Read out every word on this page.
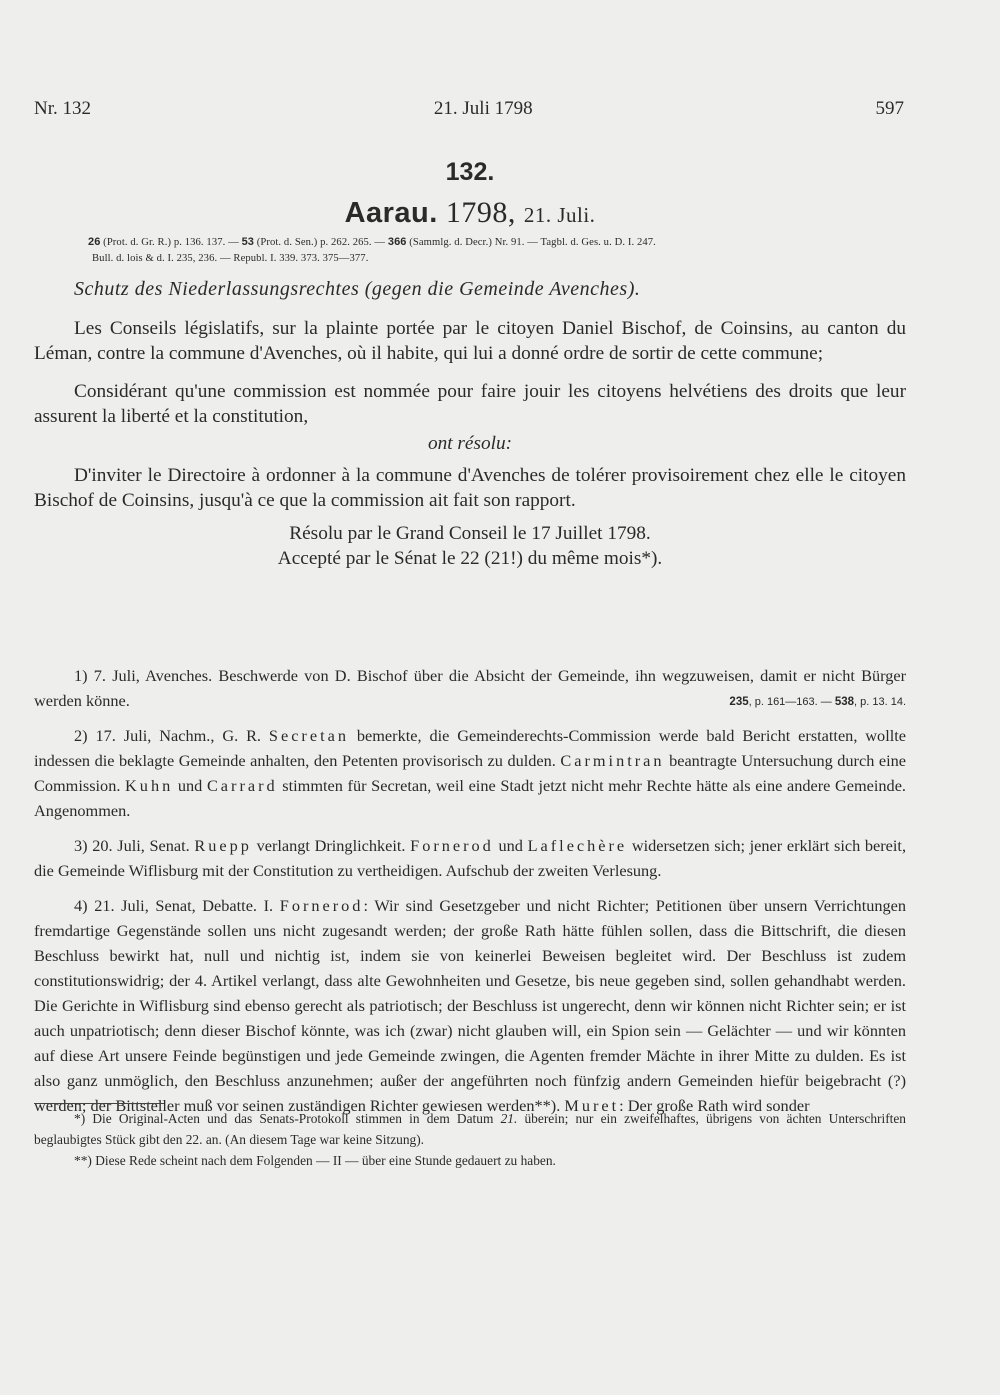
Nr. 132	21. Juli 1798	597
132.
Aarau. 1798, 21. Juli.
26 (Prot. d. Gr. R.) p. 136. 137. — 53 (Prot. d. Sen.) p. 262. 265. — 366 (Sammlg. d. Decr.) Nr. 91. — Tagbl. d. Ges. u. D. I. 247.
Bull. d. lois & d. I. 235, 236. — Republ. I. 339. 373. 375—377.
Schutz des Niederlassungsrechtes (gegen die Gemeinde Avenches).

Les Conseils législatifs, sur la plainte portée par le citoyen Daniel Bischof, de Coinsins, au canton du Léman, contre la commune d'Avenches, où il habite, qui lui a donné ordre de sortir de cette commune;

Considérant qu'une commission est nommée pour faire jouir les citoyens helvétiens des droits que leur assurent la liberté et la constitution,

ont résolu:

D'inviter le Directoire à ordonner à la commune d'Avenches de tolérer provisoirement chez elle le citoyen Bischof de Coinsins, jusqu'à ce que la commission ait fait son rapport.

Résolu par le Grand Conseil le 17 Juillet 1798.

Accepté par le Sénat le 22 (21!) du même mois*).

1) 7. Juli, Avenches. Beschwerde von D. Bischof über die Absicht der Gemeinde, ihn wegzuweisen, damit er nicht Bürger werden könne.	235, p. 161—163. — 538, p. 13. 14.

2) 17. Juli, Nachm., G. R. Secretan bemerkte, die Gemeinderechts-Commission werde bald Bericht erstatten, wollte indessen die beklagte Gemeinde anhalten, den Petenten provisorisch zu dulden. Carmintran beantragte Untersuchung durch eine Commission. Kuhn und Carrard stimmten für Secretan, weil eine Stadt jetzt nicht mehr Rechte hätte als eine andere Gemeinde. Angenommen.

3) 20. Juli, Senat. Ruepp verlangt Dringlichkeit. Fornerod und Laflechère widersetzen sich; jener erklärt sich bereit, die Gemeinde Wiflisburg mit der Constitution zu vertheidigen. Aufschub der zweiten Verlesung.

4) 21. Juli, Senat, Debatte. I. Fornerod: Wir sind Gesetzgeber und nicht Richter; Petitionen über unsern Verrichtungen fremdartige Gegenstände sollen uns nicht zugesandt werden; der große Rath hätte fühlen sollen, dass die Bittschrift, die diesen Beschluss bewirkt hat, null und nichtig ist, indem sie von keinerlei Beweisen begleitet wird. Der Beschluss ist zudem constitutionswidrig; der 4. Artikel verlangt, dass alte Gewohnheiten und Gesetze, bis neue gegeben sind, sollen gehandhabt werden. Die Gerichte in Wiflisburg sind ebenso gerecht als patriotisch; der Beschluss ist ungerecht, denn wir können nicht Richter sein; er ist auch unpatriotisch; denn dieser Bischof könnte, was ich (zwar) nicht glauben will, ein Spion sein — Gelächter — und wir könnten auf diese Art unsere Feinde begünstigen und jede Gemeinde zwingen, die Agenten fremder Mächte in ihrer Mitte zu dulden. Es ist also ganz unmöglich, den Beschluss anzunehmen; außer der angeführten noch fünfzig andern Gemeinden hiefür beigebracht (?) werden; der Bittsteller muß vor seinen zuständigen Richter gewiesen werden**). Muret: Der große Rath wird sonder

*) Die Original-Acten und das Senats-Protokoll stimmen in dem Datum 21. überein; nur ein zweifelhaftes, übrigens von ächten Unterschriften beglaubigtes Stück gibt den 22. an. (An diesem Tage war keine Sitzung).

**) Diese Rede scheint nach dem Folgenden — II — über eine Stunde gedauert zu haben.
